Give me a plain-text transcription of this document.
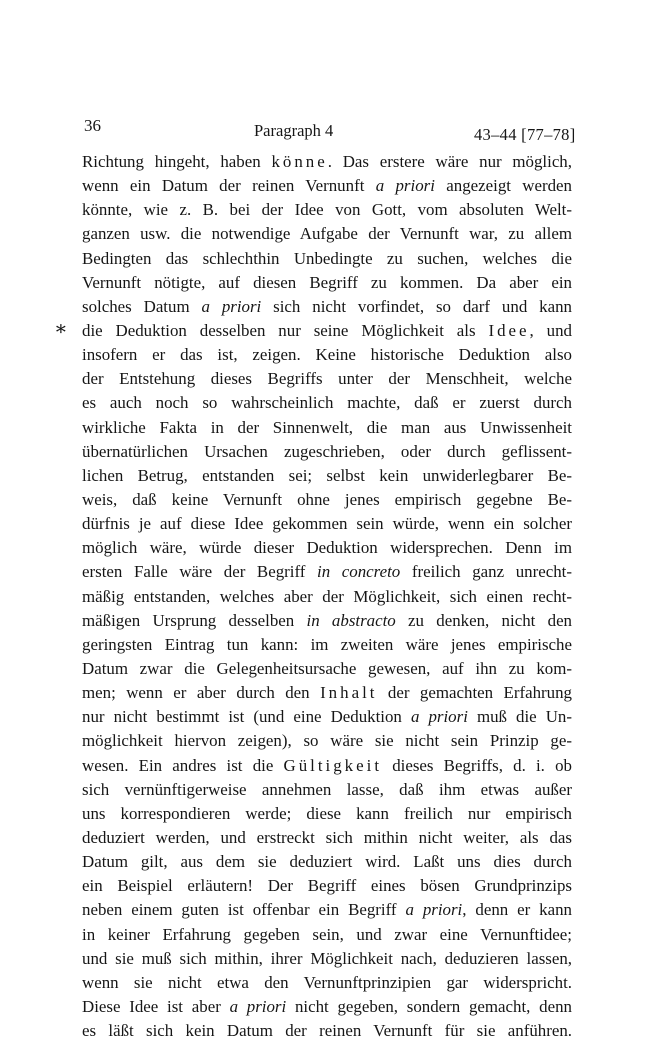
36	Paragraph 4	43–44 [77–78]
∗
Richtung hingeht, haben könne. Das erstere wäre nur möglich,
wenn ein Datum der reinen Vernunft a priori angezeigt werden
könnte, wie z. B. bei der Idee von Gott, vom absoluten Welt-
ganzen usw. die notwendige Aufgabe der Vernunft war, zu allem
Bedingten das schlechthin Unbedingte zu suchen, welches die
Vernunft nötigte, auf diesen Begriff zu kommen. Da aber ein
solches Datum a priori sich nicht vorfindet, so darf und kann
die Deduktion desselben nur seine Möglichkeit als Idee, und
insofern er das ist, zeigen. Keine historische Deduktion also
der Entstehung dieses Begriffs unter der Menschheit, welche
es auch noch so wahrscheinlich machte, daß er zuerst durch
wirkliche Fakta in der Sinnenwelt, die man aus Unwissenheit
übernatürlichen Ursachen zugeschrieben, oder durch geflissent-
lichen Betrug, entstanden sei; selbst kein unwiderlegbarer Be-
weis, daß keine Vernunft ohne jenes empirisch gegebne Be-
dürfnis je auf diese Idee gekommen sein würde, wenn ein solcher
möglich wäre, würde dieser Deduktion widersprechen. Denn im
ersten Falle wäre der Begriff in concreto freilich ganz unrecht-
mäßig entstanden, welches aber der Möglichkeit, sich einen recht-
mäßigen Ursprung desselben in abstracto zu denken, nicht den
geringsten Eintrag tun kann: im zweiten wäre jenes empirische
Datum zwar die Gelegenheitsursache gewesen, auf ihn zu kom-
men; wenn er aber durch den Inhalt der gemachten Erfahrung
nur nicht bestimmt ist (und eine Deduktion a priori muß die Un-
möglichkeit hiervon zeigen), so wäre sie nicht sein Prinzip ge-
wesen. Ein andres ist die Gültigkeit dieses Begriffs, d. i. ob
sich vernünftigerweise annehmen lasse, daß ihm etwas außer
uns korrespondieren werde; diese kann freilich nur empirisch
deduziert werden, und erstreckt sich mithin nicht weiter, als das
Datum gilt, aus dem sie deduziert wird. Laßt uns dies durch
ein Beispiel erläutern! Der Begriff eines bösen Grundprinzips
neben einem guten ist offenbar ein Begriff a priori, denn er kann
in keiner Erfahrung gegeben sein, und zwar eine Vernunftidee;
und sie muß sich mithin, ihrer Möglichkeit nach, deduzieren lassen,
wenn sie nicht etwa den Vernunftprinzipien gar widerspricht.
Diese Idee ist aber a priori nicht gegeben, sondern gemacht, denn
es läßt sich kein Datum der reinen Vernunft für sie anführen.
